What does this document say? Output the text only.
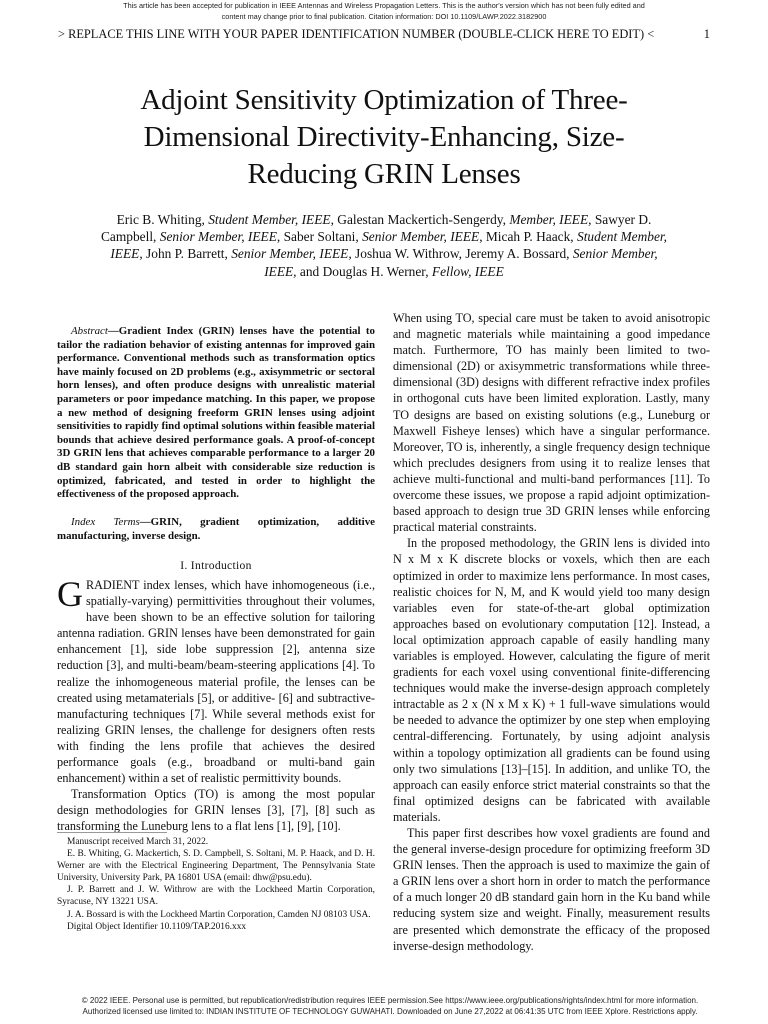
This article has been accepted for publication in IEEE Antennas and Wireless Propagation Letters. This is the author's version which has not been fully edited and
content may change prior to final publication. Citation information: DOI 10.1109/LAWP.2022.3182900
> REPLACE THIS LINE WITH YOUR PAPER IDENTIFICATION NUMBER (DOUBLE-CLICK HERE TO EDIT) <	1
Adjoint Sensitivity Optimization of Three-
Dimensional Directivity-Enhancing, Size-
Reducing GRIN Lenses
Eric B. Whiting, Student Member, IEEE, Galestan Mackertich-Sengerdy, Member, IEEE, Sawyer D. Campbell, Senior Member, IEEE, Saber Soltani, Senior Member, IEEE, Micah P. Haack, Student Member, IEEE, John P. Barrett, Senior Member, IEEE, Joshua W. Withrow, Jeremy A. Bossard, Senior Member, IEEE, and Douglas H. Werner, Fellow, IEEE
Abstract—Gradient Index (GRIN) lenses have the potential to tailor the radiation behavior of existing antennas for improved gain performance. Conventional methods such as transformation optics have mainly focused on 2D problems (e.g., axisymmetric or sectoral horn lenses), and often produce designs with unrealistic material parameters or poor impedance matching. In this paper, we propose a new method of designing freeform GRIN lenses using adjoint sensitivities to rapidly find optimal solutions within feasible material bounds that achieve desired performance goals. A proof-of-concept 3D GRIN lens that achieves comparable performance to a larger 20 dB standard gain horn albeit with considerable size reduction is optimized, fabricated, and tested in order to highlight the effectiveness of the proposed approach.
Index Terms—GRIN, gradient optimization, additive manufacturing, inverse design.
I. Introduction

GRADIENT index lenses, which have inhomogeneous (i.e., spatially-varying) permittivities throughout their volumes, have been shown to be an effective solution for tailoring antenna radiation. GRIN lenses have been demonstrated for gain enhancement [1], side lobe suppression [2], antenna size reduction [3], and multi-beam/beam-steering applications [4]. To realize the inhomogeneous material profile, the lenses can be created using metamaterials [5], or additive- [6] and subtractive-manufacturing techniques [7]. While several methods exist for realizing GRIN lenses, the challenge for designers often rests with finding the lens profile that achieves the desired performance goals (e.g., broadband or multi-band gain enhancement) within a set of realistic permittivity bounds.

Transformation Optics (TO) is among the most popular design methodologies for GRIN lenses [3], [7], [8] such as transforming the Luneburg lens to a flat lens [1], [9], [10].

Manuscript received March 31, 2022.

E. B. Whiting, G. Mackertich, S. D. Campbell, S. Soltani, M. P. Haack, and D. H. Werner are with the Electrical Engineering Department, The Pennsylvania State University, University Park, PA 16801 USA (email: dhw@psu.edu).

J. P. Barrett and J. W. Withrow are with the Lockheed Martin Corporation, Syracuse, NY 13221 USA.

J. A. Bossard is with the Lockheed Martin Corporation, Camden NJ 08103 USA.

Digital Object Identifier 10.1109/TAP.2016.xxx

When using TO, special care must be taken to avoid anisotropic and magnetic materials while maintaining a good impedance match. Furthermore, TO has mainly been limited to two-dimensional (2D) or axisymmetric transformations while three-dimensional (3D) designs with different refractive index profiles in orthogonal cuts have been limited exploration. Lastly, many TO designs are based on existing solutions (e.g., Luneburg or Maxwell Fisheye lenses) which have a singular performance. Moreover, TO is, inherently, a single frequency design technique which precludes designers from using it to realize lenses that achieve multi-functional and multi-band performances [11]. To overcome these issues, we propose a rapid adjoint optimization-based approach to design true 3D GRIN lenses while enforcing practical material constraints.

In the proposed methodology, the GRIN lens is divided into N x M x K discrete blocks or voxels, which then are each optimized in order to maximize lens performance. In most cases, realistic choices for N, M, and K would yield too many design variables even for state-of-the-art global optimization approaches based on evolutionary computation [12]. Instead, a local optimization approach capable of easily handling many variables is employed. However, calculating the figure of merit gradients for each voxel using conventional finite-differencing techniques would make the inverse-design approach completely intractable as 2 x (N x M x K) + 1 full-wave simulations would be needed to advance the optimizer by one step when employing central-differencing. Fortunately, by using adjoint analysis within a topology optimization all gradients can be found using only two simulations [13]–[15]. In addition, and unlike TO, the approach can easily enforce strict material constraints so that the final optimized designs can be fabricated with available materials.

This paper first describes how voxel gradients are found and the general inverse-design procedure for optimizing freeform 3D GRIN lenses. Then the approach is used to maximize the gain of a GRIN lens over a short horn in order to match the performance of a much longer 20 dB standard gain horn in the Ku band while reducing system size and weight. Finally, measurement results are presented which demonstrate the efficacy of the proposed inverse-design methodology.

© 2022 IEEE. Personal use is permitted, but republication/redistribution requires IEEE permission.See https://www.ieee.org/publications/rights/index.html for more information.
Authorized licensed use limited to: INDIAN INSTITUTE OF TECHNOLOGY GUWAHATI. Downloaded on June 27,2022 at 06:41:35 UTC from IEEE Xplore. Restrictions apply.
